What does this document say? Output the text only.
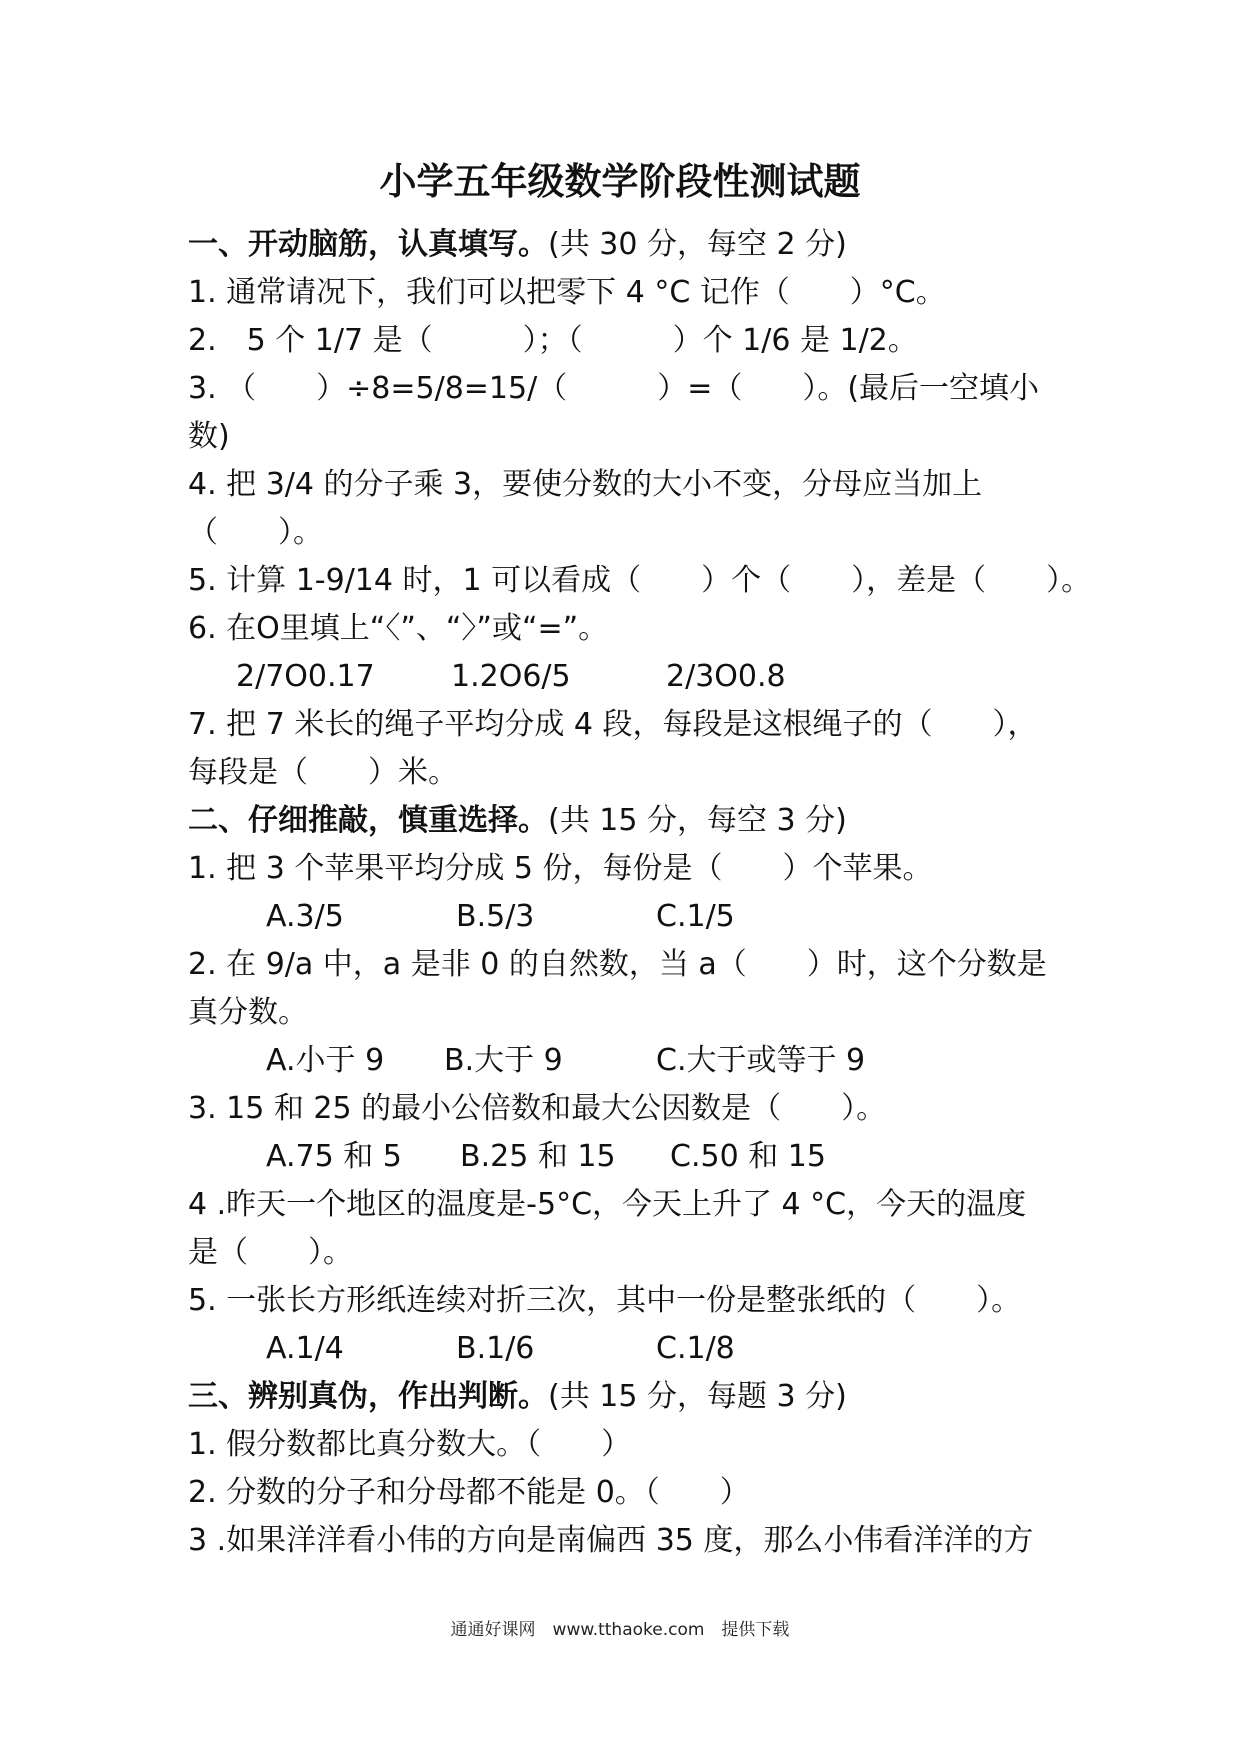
小学五年级数学阶段性测试题
一、开动脑筋，认真填写。(共 30 分，每空 2 分)
1. 通常请况下，我们可以把零下 4 °C 记作（　　）°C。
2.　5 个 1/7 是（　　　）；（　　　）个 1/6 是 1/2。
3. （　　）÷8=5/8=15/（　　　）=（　　）。(最后一空填小
数)
4. 把 3/4 的分子乘 3，要使分数的大小不变，分母应当加上
（　　）。
5. 计算 1-9/14 时，1 可以看成（　　）个（　　），差是（　　）。
6. 在O里填上“〈”、“〉”或“=”。
2/7O0.17	1.2O6/5	2/3O0.8
7. 把 7 米长的绳子平均分成 4 段，每段是这根绳子的（　　），
每段是（　　）米。
二、仔细推敲，慎重选择。(共 15 分，每空 3 分)
1. 把 3 个苹果平均分成 5 份，每份是（　　）个苹果。
A.3/5	B.5/3	C.1/5
2. 在 9/a 中，a 是非 0 的自然数，当 a（　　）时，这个分数是
真分数。
A.小于 9 B.大于 9	C.大于或等于 9
3. 15 和 25 的最小公倍数和最大公因数是（　　）。
A.75 和 5 B.25 和 15 C.50 和 15
4 .昨天一个地区的温度是-5°C，今天上升了 4 °C，今天的温度
是（　　）。
5. 一张长方形纸连续对折三次，其中一份是整张纸的（　　）。
A.1/4	B.1/6	C.1/8
三、辨别真伪，作出判断。(共 15 分，每题 3 分)
1. 假分数都比真分数大。（　　）
2. 分数的分子和分母都不能是 0。（　　）
3 .如果洋洋看小伟的方向是南偏西 35 度，那么小伟看洋洋的方
通通好课网　www.tthaoke.com　提供下载
